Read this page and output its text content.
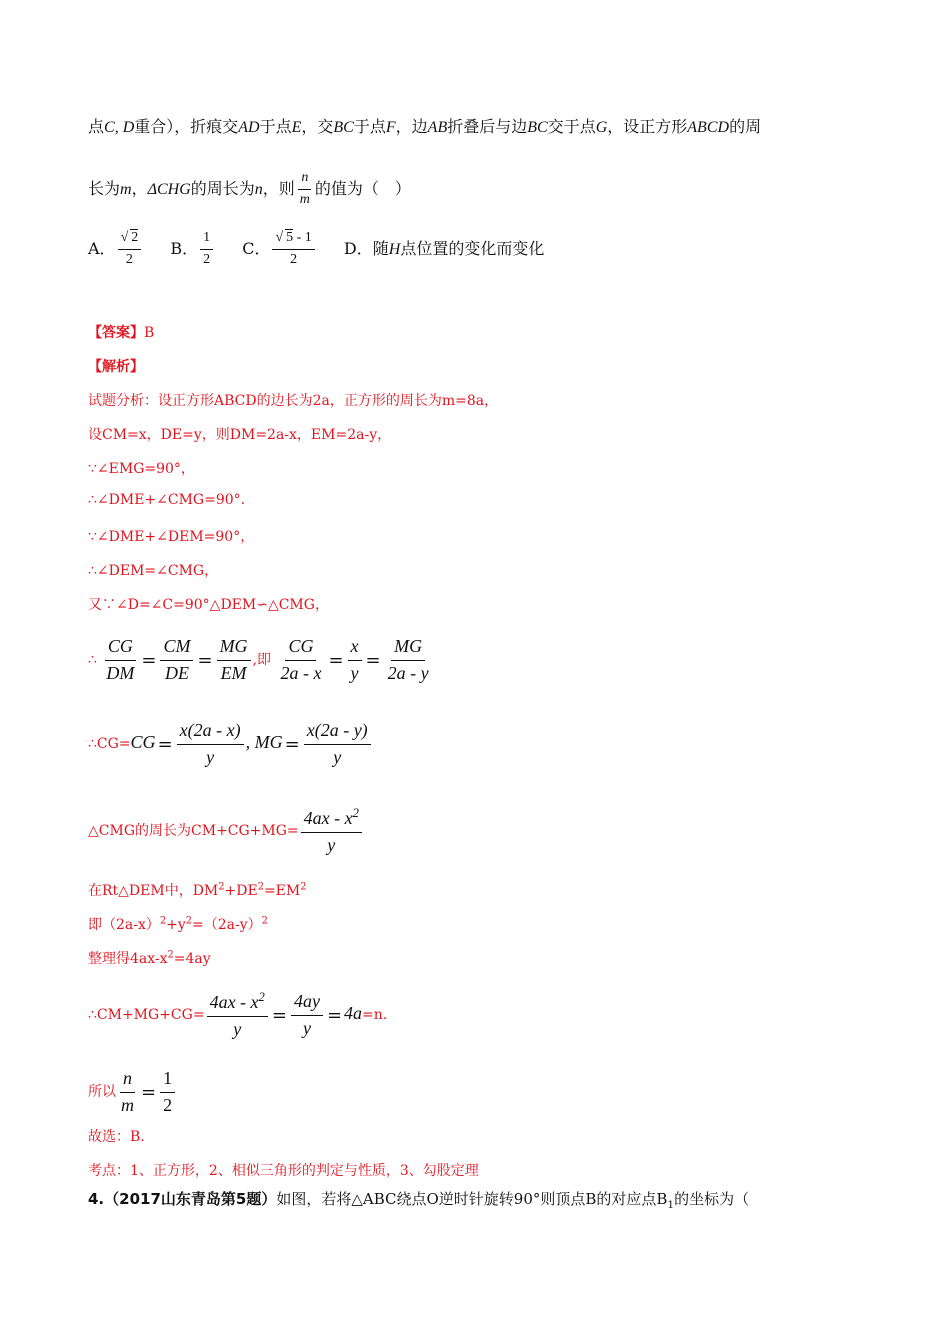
点C, D重合），折痕交AD于点E，交BC于点F，边AB折叠后与边BC交于点G，设正方形ABCD的周
长为m，ΔCHG的周长为n，则 $\frac{n}{m}$ 的值为（　）
A． $\frac{√ 2}{2}$ B． $\frac{1}{2}$ C． $\frac{√ 5 - 1}{2}$ D．随H点位置的变化而变化
【答案】B
【解析】
试题分析：设正方形ABCD的边长为2a，正方形的周长为m=8a，
设CM=x，DE=y，则DM=2a-x，EM=2a-y，
∵∠EMG=90°，
∴∠DME+∠CMG=90°.
∵∠DME+∠DEM=90°，
∴∠DEM=∠CMG，
又∵∠D=∠C=90°△DEM∽△CMG，
∴ $\frac{CG}{DM} = \frac{CM}{DE} = \frac{MG}{EM}$ ,即 $\frac{CG}{2a - x} = \frac{x}{y} = \frac{MG}{2a - y}$
∴CG=CG = $\frac{x(2a - x)}{y}$ , MG = $\frac{x(2a - y)}{y}$
△CMG的周长为$CM+CG+MG= \frac{4ax - x^2}{y}$
在Rt△DEM中，$DM^2+DE^2=EM^2$
即$(2a-x)^2+y^2=(2a-y)^2$
整理得$4ax-x^2=4ay$
∴CM+MG+CG= $\frac{4ax - x^2}{y} = \frac{4ay}{y} = 4a=n$.
所以 $\frac{n}{m} = \frac{1}{2}$
故选：B.
考点：1、正方形，2、相似三角形的判定与性质，3、勾股定理
4.（2017山东青岛第5题）如图，若将△ABC绕点O逆时针旋转90°则顶点B的对应点$B_1$的坐标为（
